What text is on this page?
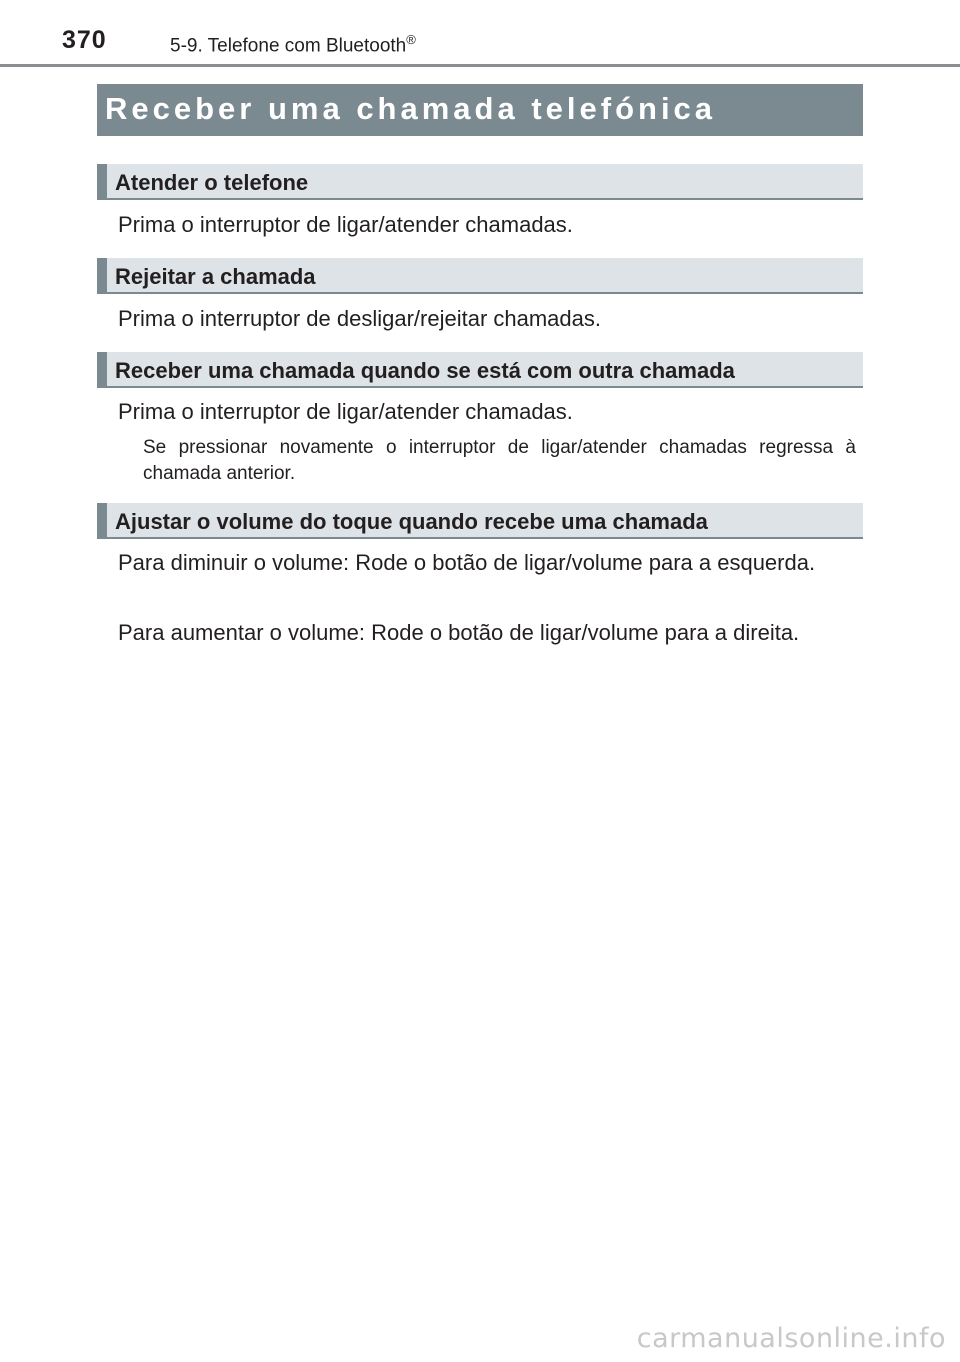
370	5-9. Telefone com Bluetooth®
Receber uma chamada telefónica
Atender o telefone
Prima o interruptor de ligar/atender chamadas.
Rejeitar a chamada
Prima o interruptor de desligar/rejeitar chamadas.
Receber uma chamada quando se está com outra chamada
Prima o interruptor de ligar/atender chamadas.
Se pressionar novamente o interruptor de ligar/atender chamadas regressa à chamada anterior.
Ajustar o volume do toque quando recebe uma chamada
Para diminuir o volume: Rode o botão de ligar/volume para a esquerda.
Para aumentar o volume: Rode o botão de ligar/volume para a direita.
carmanualsonline.info
